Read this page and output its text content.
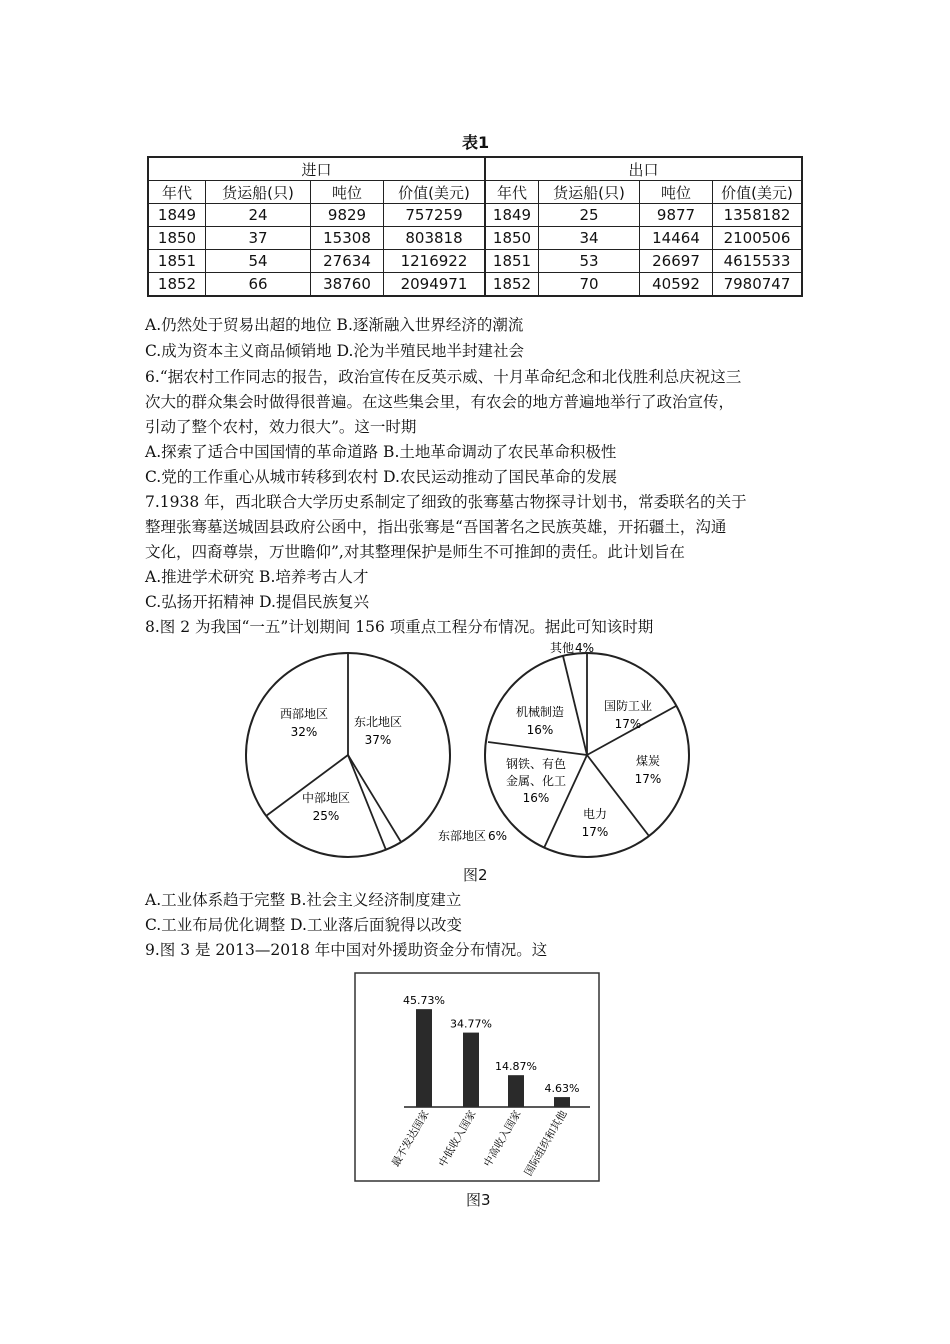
表1
进口				出口			
年代	货运船(只)	吨位	价值(美元)	年代	货运船(只)	吨位	价值(美元)
1849	24	9829	757259	1849	25	9877	1358182
1850	37	15308	803818	1850	34	14464	2100506
1851	54	27634	1216922	1851	53	26697	4615533
1852	66	38760	2094971	1852	70	40592	7980747
A.仍然处于贸易出超的地位 B.逐渐融入世界经济的潮流
C.成为资本主义商品倾销地 D.沦为半殖民地半封建社会
6.“据农村工作同志的报告，政治宣传在反英示威、十月革命纪念和北伐胜利总庆祝这三
次大的群众集会时做得很普遍。在这些集会里，有农会的地方普遍地举行了政治宣传，
引动了整个农村，效力很大”。这一时期
A.探索了适合中国国情的革命道路 B.土地革命调动了农民革命积极性
C.党的工作重心从城市转移到农村 D.农民运动推动了国民革命的发展
7.1938 年，西北联合大学历史系制定了细致的张骞墓古物探寻计划书，常委联名的关于
整理张骞墓送城固县政府公函中，指出张骞是“吾国著名之民族英雄，开拓疆土，沟通
文化，四裔尊崇，万世瞻仰”,对其整理保护是师生不可推卸的责任。此计划旨在
A.推进学术研究 B.培养考古人才
C.弘扬开拓精神 D.提倡民族复兴
8.图 2 为我国“一五”计划期间 156 项重点工程分布情况。据此可知该时期
东北地区
37%
东部地区 6%
中部地区
25%
西部地区
32%
国防工业
17%
煤炭
17%
电力
17%
钢铁、有色
金属、化工
16%
机械制造
16%
其他 4%
图2
A.工业体系趋于完整 B.社会主义经济制度建立
C.工业布局优化调整 D.工业落后面貌得以改变
9.图 3 是 2013—2018 年中国对外援助资金分布情况。这
45.73%
最不发达国家
34.77%
中低收入国家
14.87%
中高收入国家
4.63%
国际组织和其他
图3
